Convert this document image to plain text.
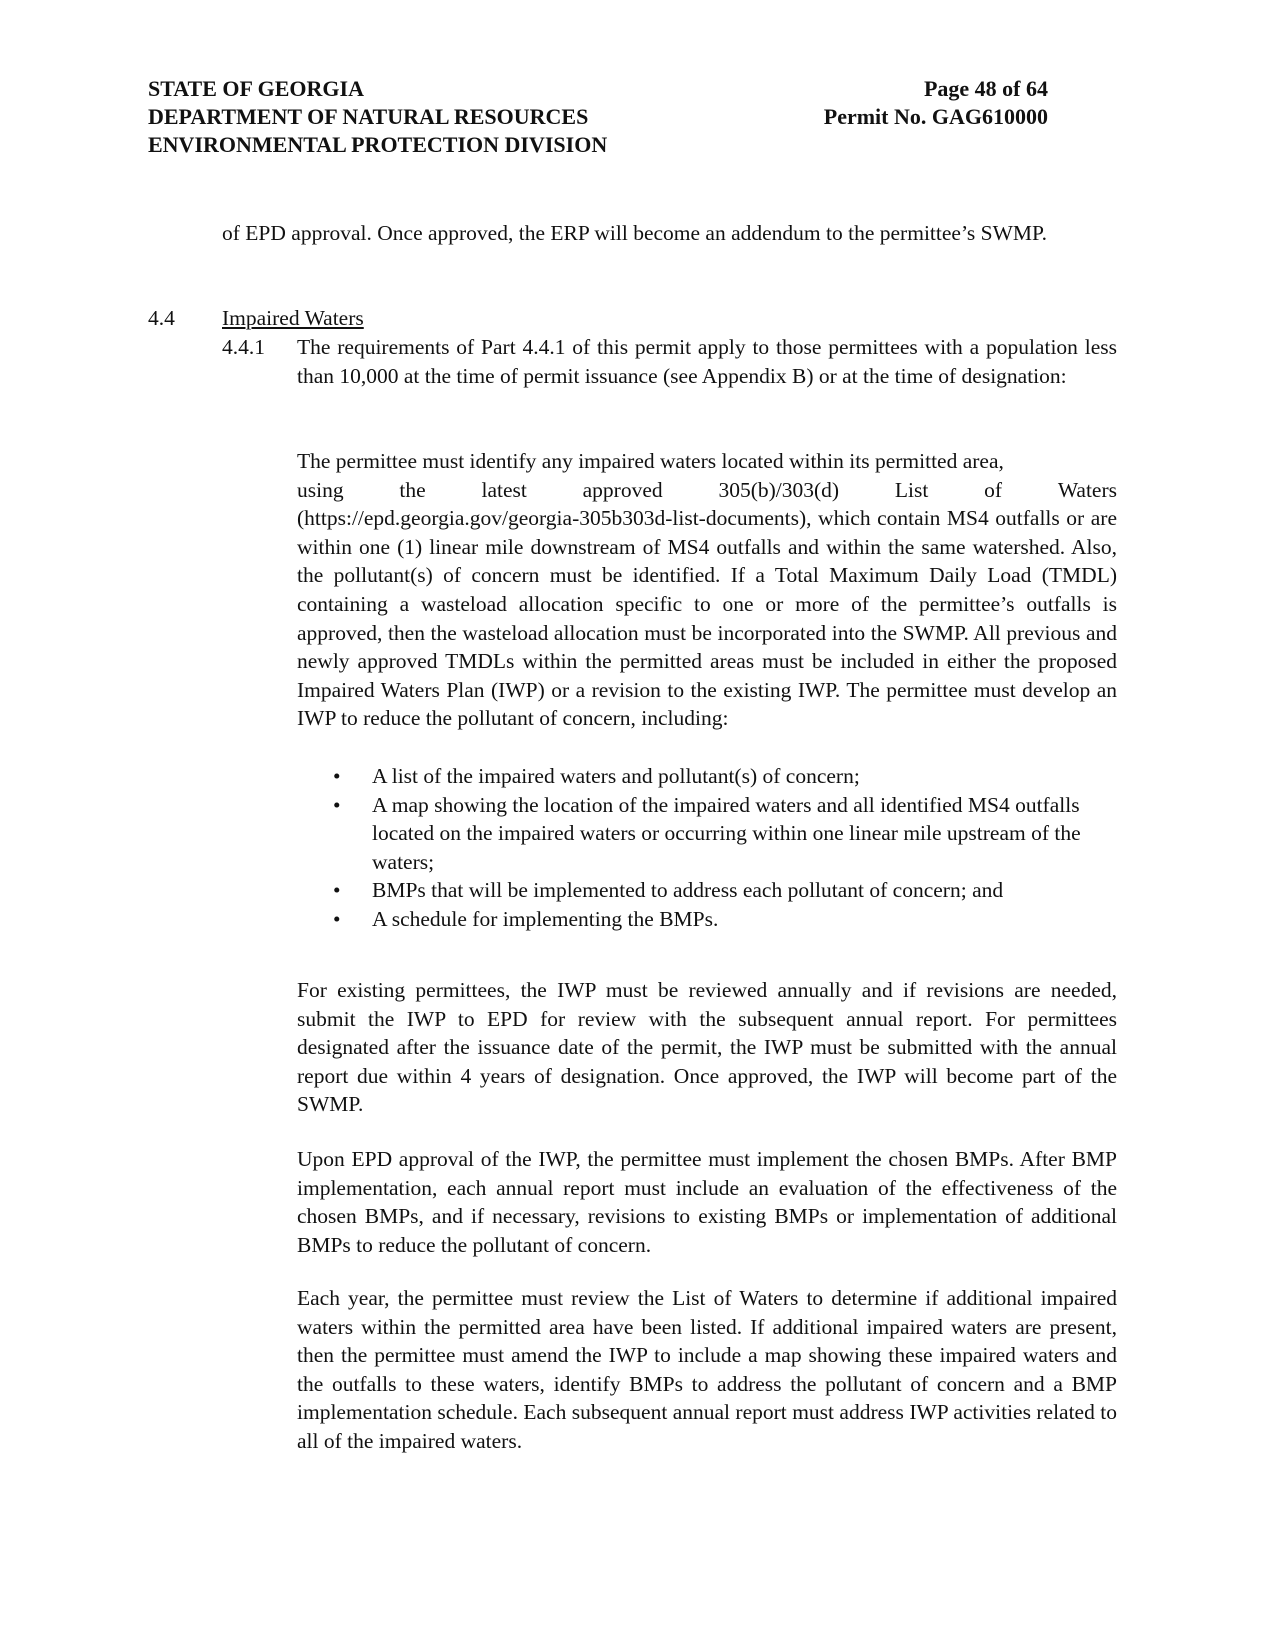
STATE OF GEORGIA
DEPARTMENT OF NATURAL RESOURCES
ENVIRONMENTAL PROTECTION DIVISION
Page 48 of 64
Permit No. GAG610000

of EPD approval. Once approved, the ERP will become an addendum to the permittee’s SWMP.

4.4 Impaired Waters
4.4.1 The requirements of Part 4.4.1 of this permit apply to those permittees with a population less than 10,000 at the time of permit issuance (see Appendix B) or at the time of designation:

The permittee must identify any impaired waters located within its permitted area,
using	the	latest	approved	305(b)/303(d)	List	of	Waters
(https://epd.georgia.gov/georgia-305b303d-list-documents), which contain MS4 outfalls or are within one (1) linear mile downstream of MS4 outfalls and within the same watershed. Also, the pollutant(s) of concern must be identified. If a Total Maximum Daily Load (TMDL) containing a wasteload allocation specific to one or more of the permittee’s outfalls is approved, then the wasteload allocation must be incorporated into the SWMP. All previous and newly approved TMDLs within the permitted areas must be included in either the proposed Impaired Waters Plan (IWP) or a revision to the existing IWP. The permittee must develop an IWP to reduce the pollutant of concern, including:
• A list of the impaired waters and pollutant(s) of concern;
• A map showing the location of the impaired waters and all identified MS4 outfalls located on the impaired waters or occurring within one linear mile upstream of the waters;
• BMPs that will be implemented to address each pollutant of concern; and
• A schedule for implementing the BMPs.

For existing permittees, the IWP must be reviewed annually and if revisions are needed, submit the IWP to EPD for review with the subsequent annual report. For permittees designated after the issuance date of the permit, the IWP must be submitted with the annual report due within 4 years of designation. Once approved, the IWP will become part of the SWMP.

Upon EPD approval of the IWP, the permittee must implement the chosen BMPs. After BMP implementation, each annual report must include an evaluation of the effectiveness of the chosen BMPs, and if necessary, revisions to existing BMPs or implementation of additional BMPs to reduce the pollutant of concern.

Each year, the permittee must review the List of Waters to determine if additional impaired waters within the permitted area have been listed. If additional impaired waters are present, then the permittee must amend the IWP to include a map showing these impaired waters and the outfalls to these waters, identify BMPs to address the pollutant of concern and a BMP implementation schedule. Each subsequent annual report must address IWP activities related to all of the impaired waters.
